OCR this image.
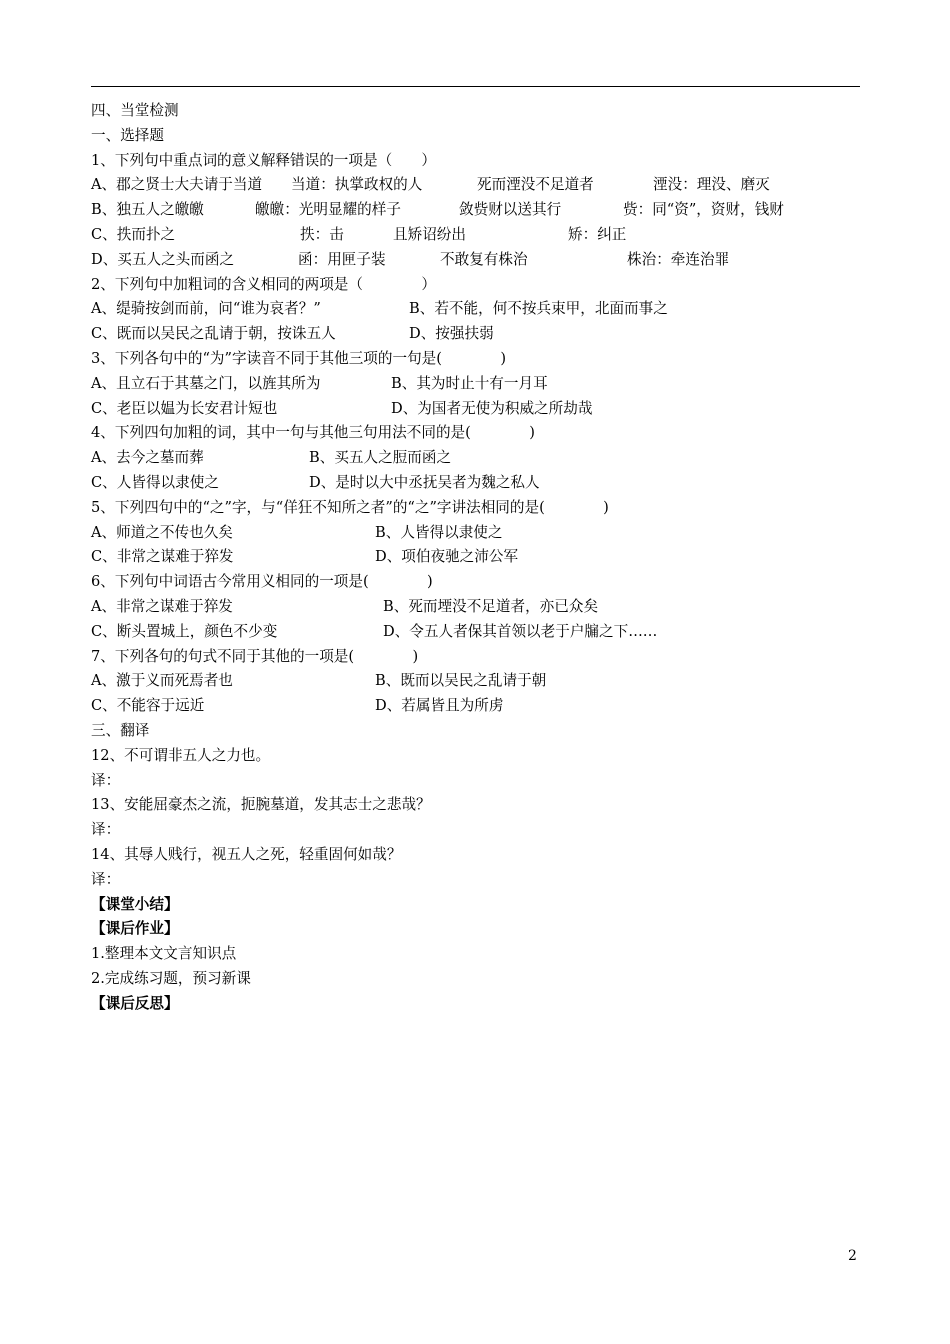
四、当堂检测
一、选择题
1、下列句中重点词的意义解释错误的一项是（　　）
A、郡之贤士大夫请于当道 当道：执掌政权的人	死而湮没不足道者	湮没：理没、磨灭
B、独五人之皦皦	皦皦：光明显耀的样子	敛赀财以送其行	赀：同“资”，资财，钱财
C、抶而扑之	抶：击	且矫诏纷出	矫：纠正
D、买五人之头而函之	函：用匣子装	不敢复有株治	株治：牵连治罪
2、下列句中加粗词的含义相同的两项是（　　　　）
A、缇骑按剑而前，问“谁为哀者？”	B、若不能，何不按兵束甲，北面而事之
C、既而以吴民之乱请于朝，按诛五人	D、按强扶弱
3、下列各句中的“为”字读音不同于其他三项的一句是(　　　　)
A、且立石于其墓之门，以旌其所为	B、其为时止十有一月耳
C、老臣以媪为长安君计短也	D、为国者无使为积威之所劫哉
4、下列四句加粗的词，其中一句与其他三句用法不同的是(　　　　)
A、去今之墓而葬	B、买五人之脰而函之
C、人皆得以隶使之	D、是时以大中丞抚吴者为魏之私人
5、下列四句中的“之”字，与“佯狂不知所之者”的“之”字讲法相同的是(　　　　)
A、师道之不传也久矣	B、人皆得以隶使之
C、非常之谋难于猝发	D、项伯夜驰之沛公军
6、下列句中词语古今常用义相同的一项是(　　　　)
A、非常之谋难于猝发	B、死而堙没不足道者，亦已众矣
C、断头置城上，颜色不少变	D、令五人者保其首领以老于户牖之下……
7、下列各句的句式不同于其他的一项是(　　　　)
A、激于义而死焉者也	B、既而以吴民之乱请于朝
C、不能容于远近	D、若属皆且为所虏
三、翻译
12、不可谓非五人之力也。
译：
13、安能屈豪杰之流，扼腕墓道，发其志士之悲哉？
译：
14、其辱人贱行，视五人之死，轻重固何如哉？
译：
【课堂小结】
【课后作业】
1.整理本文文言知识点
2.完成练习题，预习新课
【课后反思】
2
